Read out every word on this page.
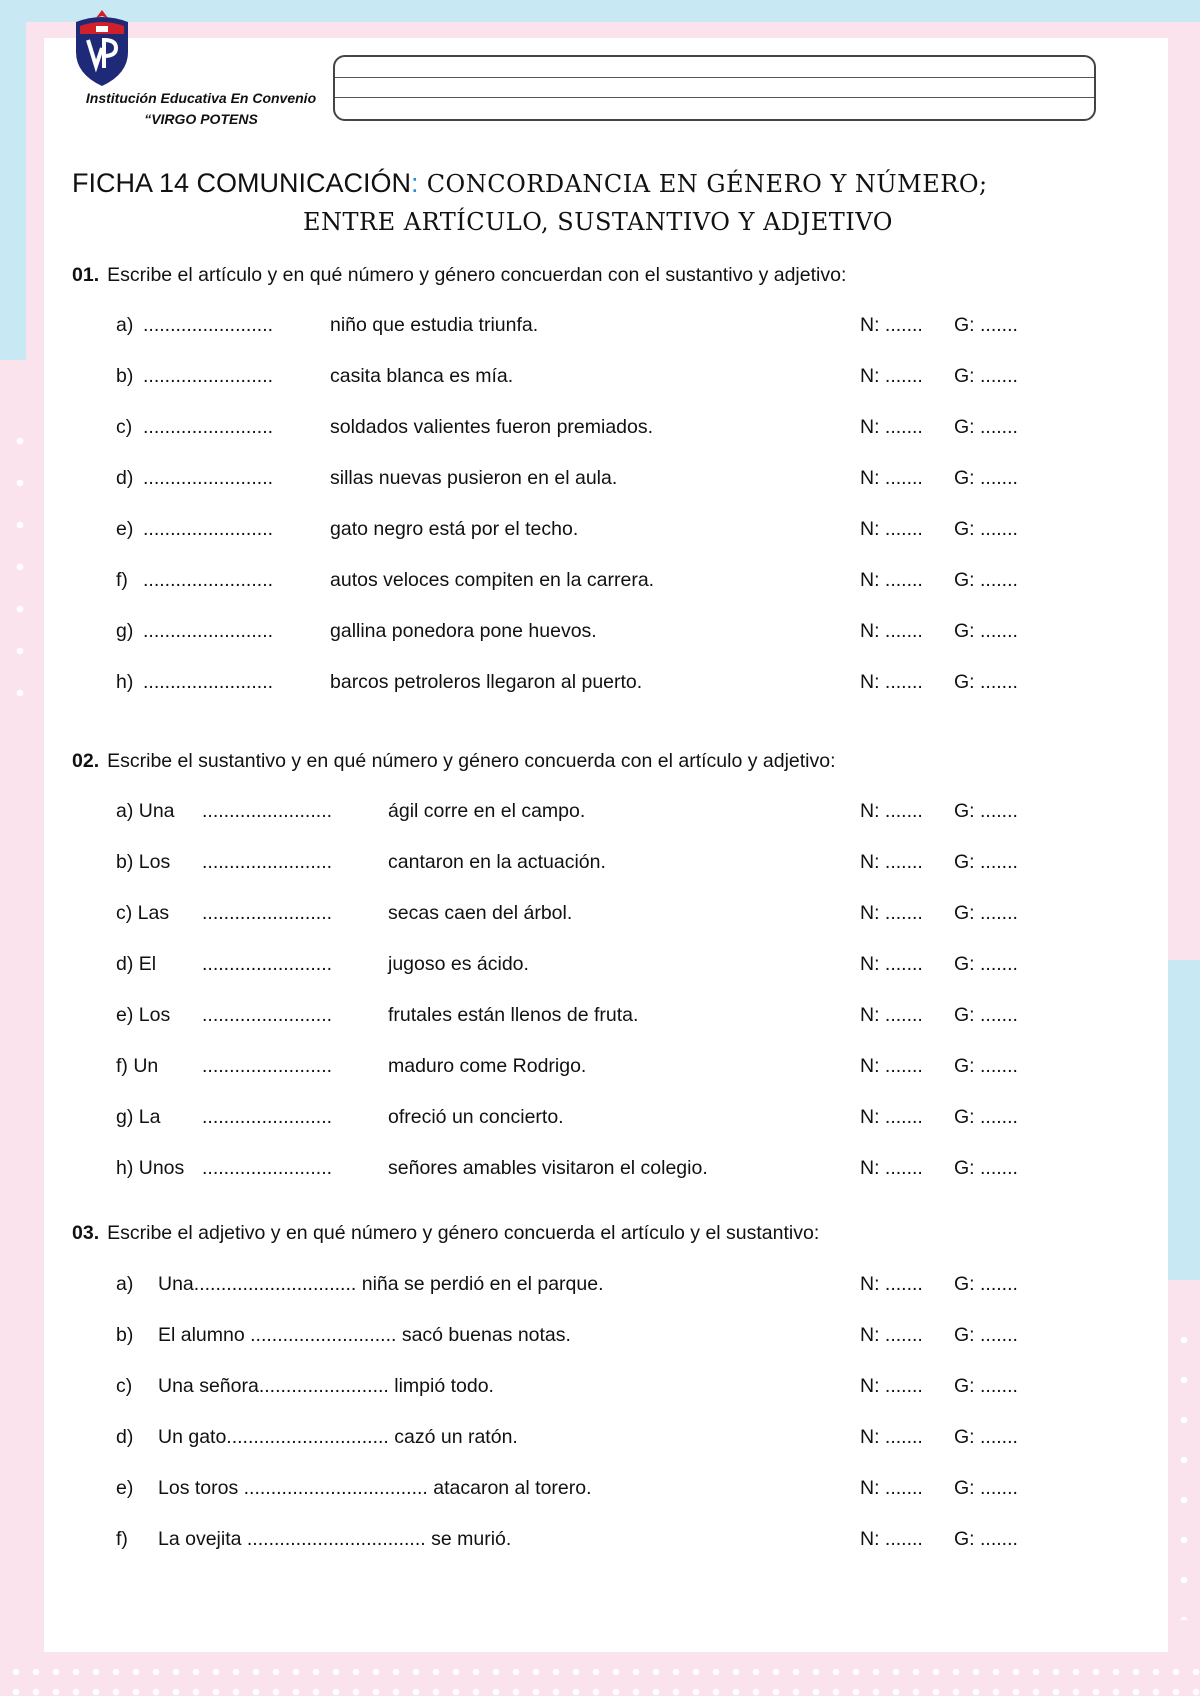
Institución Educativa En Convenio
“VIRGO POTENS
FICHA 14 COMUNICACIÓN: CONCORDANCIA EN GÉNERO Y NÚMERO;
ENTRE ARTÍCULO, SUSTANTIVO Y ADJETIVO
01. Escribe el artículo y en qué número y género concuerdan con el sustantivo y adjetivo:
a) ........................	niño que estudia triunfa.	N: ....... G: .......
b) ........................	casita blanca es mía.	N: ....... G: .......
c) ........................	soldados valientes fueron premiados.	N: ....... G: .......
d) ........................	sillas nuevas pusieron en el aula.	N: ....... G: .......
e) ........................	gato negro está por el techo.	N: ....... G: .......
f) ........................	autos veloces compiten en la carrera.	N: ....... G: .......
g) ........................	gallina ponedora pone huevos.	N: ....... G: .......
h) ........................	barcos petroleros llegaron al puerto.	N: ....... G: .......
02. Escribe el sustantivo y en qué número y género concuerda con el artículo y adjetivo:
a) Una ........................	ágil corre en el campo.	N: ....... G: .......
b) Los ........................	cantaron en la actuación.	N: ....... G: .......
c) Las ........................	secas caen del árbol.	N: ....... G: .......
d) El ........................	jugoso es ácido.	N: ....... G: .......
e) Los ........................	frutales están llenos de fruta.	N: ....... G: .......
f) Un ........................	maduro come Rodrigo.	N: ....... G: .......
g) La ........................	ofreció un concierto.	N: ....... G: .......
h) Unos ........................	señores amables visitaron el colegio.	N: ....... G: .......
03. Escribe el adjetivo y en qué número y género concuerda el artículo y el sustantivo:
a) Una.............................. niña se perdió en el parque.	N: ....... G: .......
b) El alumno ........................... sacó buenas notas.	N: ....... G: .......
c) Una señora........................ limpió todo.	N: ....... G: .......
d) Un gato.............................. cazó un ratón.	N: ....... G: .......
e) Los toros .................................. atacaron al torero.	N: ....... G: .......
f) La ovejita ................................. se murió.	N: ....... G: .......
